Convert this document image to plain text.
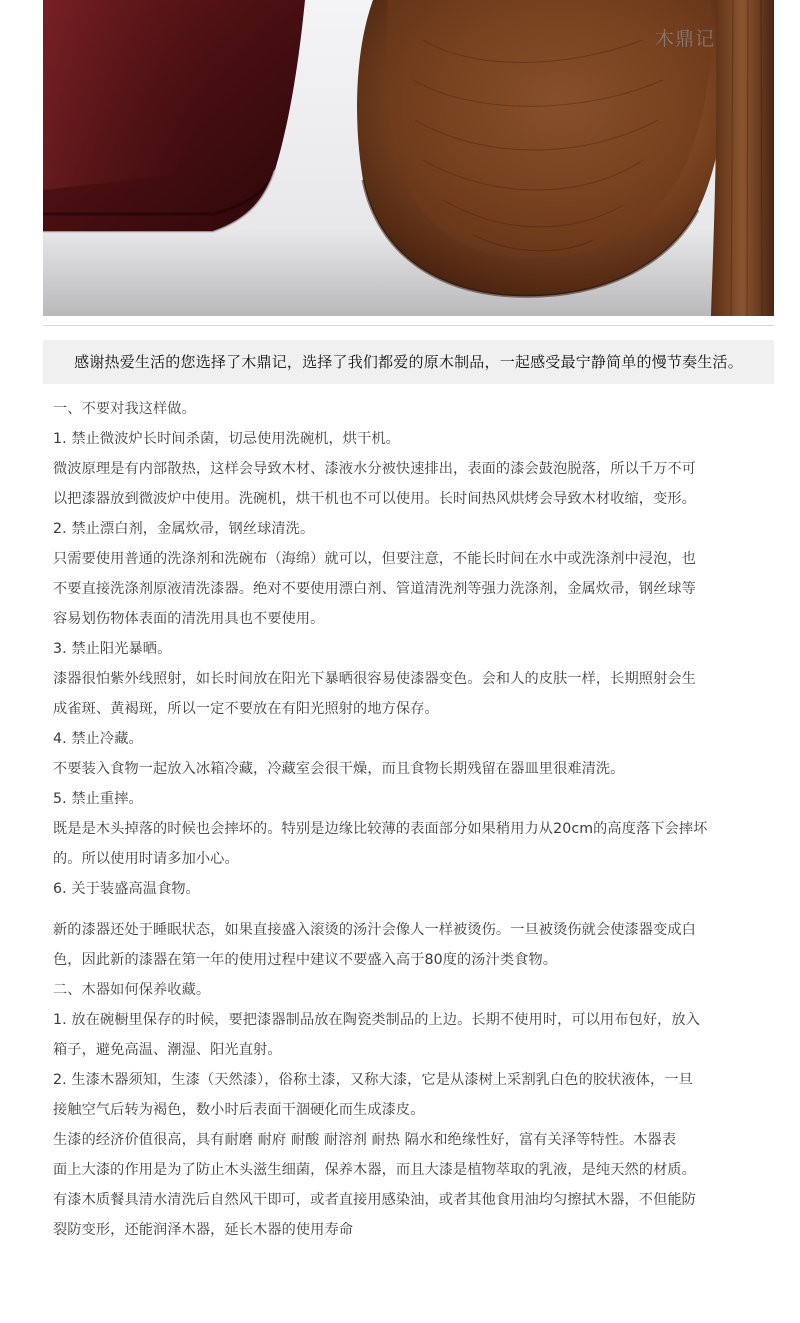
木鼎记
感谢热爱生活的您选择了木鼎记，选择了我们都爱的原木制品，一起感受最宁静简单的慢节奏生活。
一、不要对我这样做。
1. 禁止微波炉长时间杀菌，切忌使用洗碗机，烘干机。
微波原理是有内部散热，这样会导致木材、漆液水分被快速排出，表面的漆会鼓泡脱落，所以千万不可
以把漆器放到微波炉中使用。洗碗机，烘干机也不可以使用。长时间热风烘烤会导致木材收缩，变形。
2. 禁止漂白剂，金属炊帚，钢丝球清洗。
只需要使用普通的洗涤剂和洗碗布（海绵）就可以，但要注意，不能长时间在水中或洗涤剂中浸泡，也
不要直接洗涤剂原液清洗漆器。绝对不要使用漂白剂、管道清洗剂等强力洗涤剂，金属炊帚，钢丝球等
容易划伤物体表面的清洗用具也不要使用。
3. 禁止阳光暴晒。
漆器很怕紫外线照射，如长时间放在阳光下暴晒很容易使漆器变色。会和人的皮肤一样，长期照射会生
成雀斑、黄褐斑，所以一定不要放在有阳光照射的地方保存。
4. 禁止冷藏。
不要装入食物一起放入冰箱冷藏，冷藏室会很干燥，而且食物长期残留在器皿里很难清洗。
5. 禁止重摔。
既是是木头掉落的时候也会摔坏的。特别是边缘比较薄的表面部分如果稍用力从20cm的高度落下会摔坏
的。所以使用时请多加小心。
6. 关于装盛高温食物。
新的漆器还处于睡眠状态，如果直接盛入滚烫的汤汁会像人一样被烫伤。一旦被烫伤就会使漆器变成白
色，因此新的漆器在第一年的使用过程中建议不要盛入高于80度的汤汁类食物。
二、木器如何保养收藏。
1. 放在碗橱里保存的时候，要把漆器制品放在陶瓷类制品的上边。长期不使用时，可以用布包好，放入
箱子，避免高温、潮湿、阳光直射。
2. 生漆木器须知，生漆（天然漆），俗称土漆，又称大漆，它是从漆树上采割乳白色的胶状液体，一旦
接触空气后转为褐色，数小时后表面干涸硬化而生成漆皮。
生漆的经济价值很高，具有耐磨 耐府 耐酸 耐溶剂 耐热 隔水和绝缘性好，富有关泽等特性。木器表
面上大漆的作用是为了防止木头滋生细菌，保养木器，而且大漆是植物萃取的乳液，是纯天然的材质。
有漆木质餐具清水清洗后自然风干即可，或者直接用感染油，或者其他食用油均匀擦拭木器，不但能防
裂防变形，还能润泽木器，延长木器的使用寿命
